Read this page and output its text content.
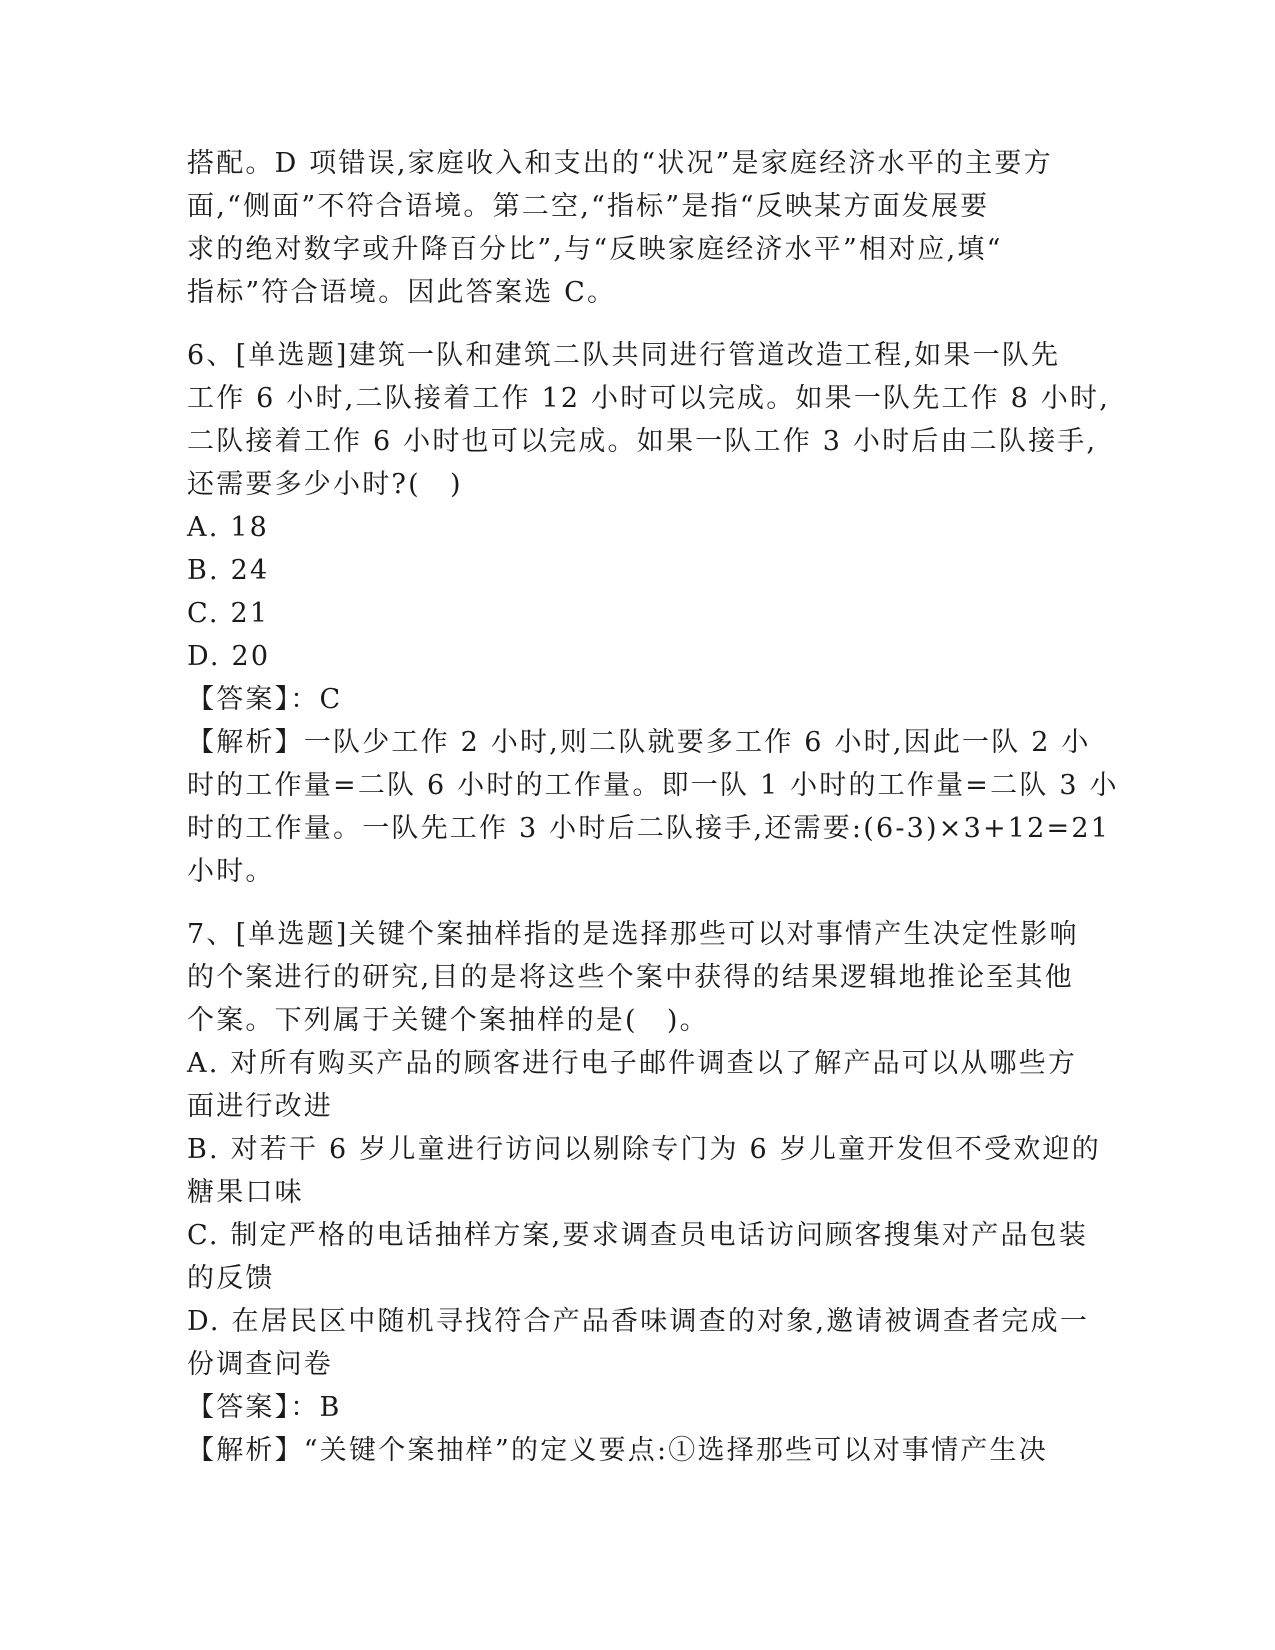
搭配。D 项错误,家庭收入和支出的“状况”是家庭经济水平的主要方
面,“侧面”不符合语境。第二空,“指标”是指“反映某方面发展要
求的绝对数字或升降百分比”,与“反映家庭经济水平”相对应,填“
指标”符合语境。因此答案选 C。
6、[单选题]建筑一队和建筑二队共同进行管道改造工程,如果一队先
工作 6 小时,二队接着工作 12 小时可以完成。如果一队先工作 8 小时,
二队接着工作 6 小时也可以完成。如果一队工作 3 小时后由二队接手,
还需要多少小时?(　)
A. 18
B. 24
C. 21
D. 20
【答案】：C
【解析】一队少工作 2 小时,则二队就要多工作 6 小时,因此一队 2 小
时的工作量=二队 6 小时的工作量。即一队 1 小时的工作量=二队 3 小
时的工作量。一队先工作 3 小时后二队接手,还需要:(6-3)×3+12=21
小时。
7、[单选题]关键个案抽样指的是选择那些可以对事情产生决定性影响
的个案进行的研究,目的是将这些个案中获得的结果逻辑地推论至其他
个案。下列属于关键个案抽样的是(　)。
A. 对所有购买产品的顾客进行电子邮件调查以了解产品可以从哪些方
面进行改进
B. 对若干 6 岁儿童进行访问以剔除专门为 6 岁儿童开发但不受欢迎的
糖果口味
C. 制定严格的电话抽样方案,要求调查员电话访问顾客搜集对产品包装
的反馈
D. 在居民区中随机寻找符合产品香味调查的对象,邀请被调查者完成一
份调查问卷
【答案】：B
【解析】“关键个案抽样”的定义要点:①选择那些可以对事情产生决
